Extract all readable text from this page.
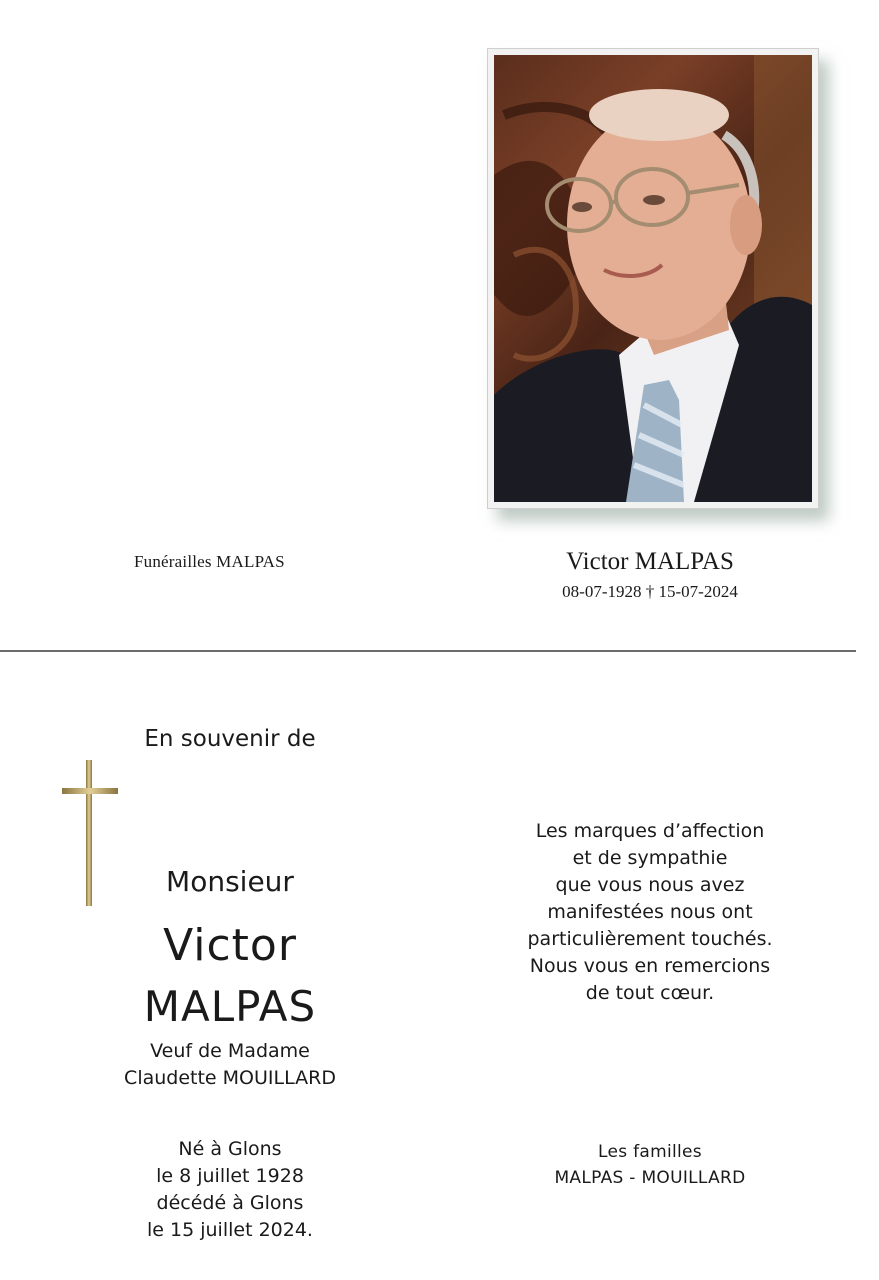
Funérailles MALPAS	Victor MALPAS
08-07-1928 † 15-07-2024
En souvenir de
Monsieur
Victor
MALPAS
Veuf de Madame
Claudette MOUILLARD
Né à Glons
le 8 juillet 1928
décédé à Glons
le 15 juillet 2024.
Les marques d’affection
et de sympathie
que vous nous avez
manifestées nous ont
particulièrement touchés.
Nous vous en remercions
de tout cœur.
Les familles
MALPAS - MOUILLARD
